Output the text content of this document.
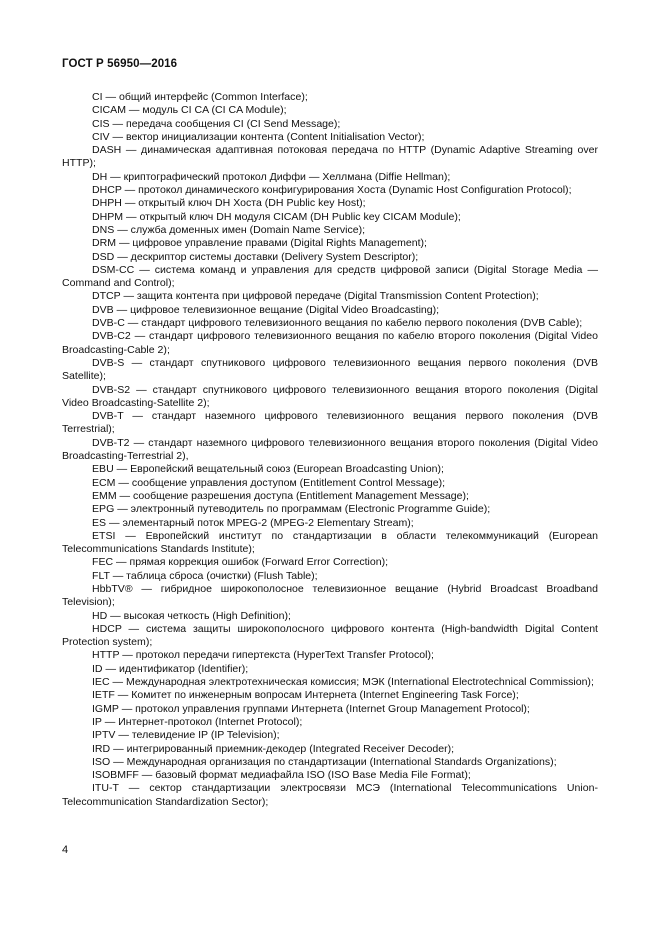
ГОСТ Р 56950—2016

CI — общий интерфейс (Common Interface);

CICAM — модуль CI CA (CI CA Module);

CIS — передача сообщения CI (CI Send Message);

CIV — вектор инициализации контента (Content Initialisation Vector);

DASH — динамическая адаптивная потоковая передача по HTTP (Dynamic Adaptive Streaming over HTTP);

DH — криптографический протокол Диффи — Хеллмана (Diffie Hellman);

DHCP — протокол динамического конфигурирования Хоста (Dynamic Host Configuration Protocol);

DHPH — открытый ключ DH Хоста (DH Public key Host);

DHPM — открытый ключ DH модуля CICAM (DH Public key CICAM Module);

DNS — служба доменных имен (Domain Name Service);

DRM — цифровое управление правами (Digital Rights Management);

DSD — дескриптор системы доставки (Delivery System Descriptor);

DSM-CC — система команд и управления для средств цифровой записи (Digital Storage Media — Command and Control);

DTCP — защита контента при цифровой передаче (Digital Transmission Content Protection);

DVB — цифровое телевизионное вещание (Digital Video Broadcasting);

DVB-C — стандарт цифрового телевизионного вещания по кабелю первого поколения (DVB Cable);

DVB-C2 — стандарт цифрового телевизионного вещания по кабелю второго поколения (Digital Video Broadcasting-Cable 2);

DVB-S — стандарт спутникового цифрового телевизионного вещания первого поколения (DVB Satellite);

DVB-S2 — стандарт спутникового цифрового телевизионного вещания второго поколения (Digital Video Broadcasting-Satellite 2);

DVB-T — стандарт наземного цифрового телевизионного вещания первого поколения (DVB Terrestrial);

DVB-T2 — стандарт наземного цифрового телевизионного вещания второго поколения (Digital Video Broadcasting-Terrestrial 2),

EBU — Европейский вещательный союз (European Broadcasting Union);

ECM — сообщение управления доступом (Entitlement Control Message);

EMM — сообщение разрешения доступа (Entitlement Management Message);

EPG — электронный путеводитель по программам (Electronic Programme Guide);

ES — элементарный поток MPEG-2 (MPEG-2 Elementary Stream);

ETSI — Европейский институт по стандартизации в области телекоммуникаций (European Telecommunications Standards Institute);

FEC — прямая коррекция ошибок (Forward Error Correction);

FLT — таблица сброса (очистки) (Flush Table);

HbbTV® — гибридное широкополосное телевизионное вещание (Hybrid Broadcast Broadband Television);

HD — высокая четкость (High Definition);

HDCP — система защиты широкополосного цифрового контента (High-bandwidth Digital Content Protection system);

HTTP — протокол передачи гипертекста (HyperText Transfer Protocol);

ID — идентификатор (Identifier);

IEC — Международная электротехническая комиссия; МЭК (International Electrotechnical Commission);

IETF — Комитет по инженерным вопросам Интернета (Internet Engineering Task Force);

IGMP — протокол управления группами Интернета (Internet Group Management Protocol);

IP — Интернет-протокол (Internet Protocol);

IPTV — телевидение IP (IP Television);

IRD — интегрированный приемник-декодер (Integrated Receiver Decoder);

ISO — Международная организация по стандартизации (International Standards Organizations);

ISOBMFF — базовый формат медиафайла ISO (ISO Base Media File Format);

ITU-T — сектор стандартизации электросвязи МСЭ (International Telecommunications Union-Telecommunication Standardization Sector);

4
